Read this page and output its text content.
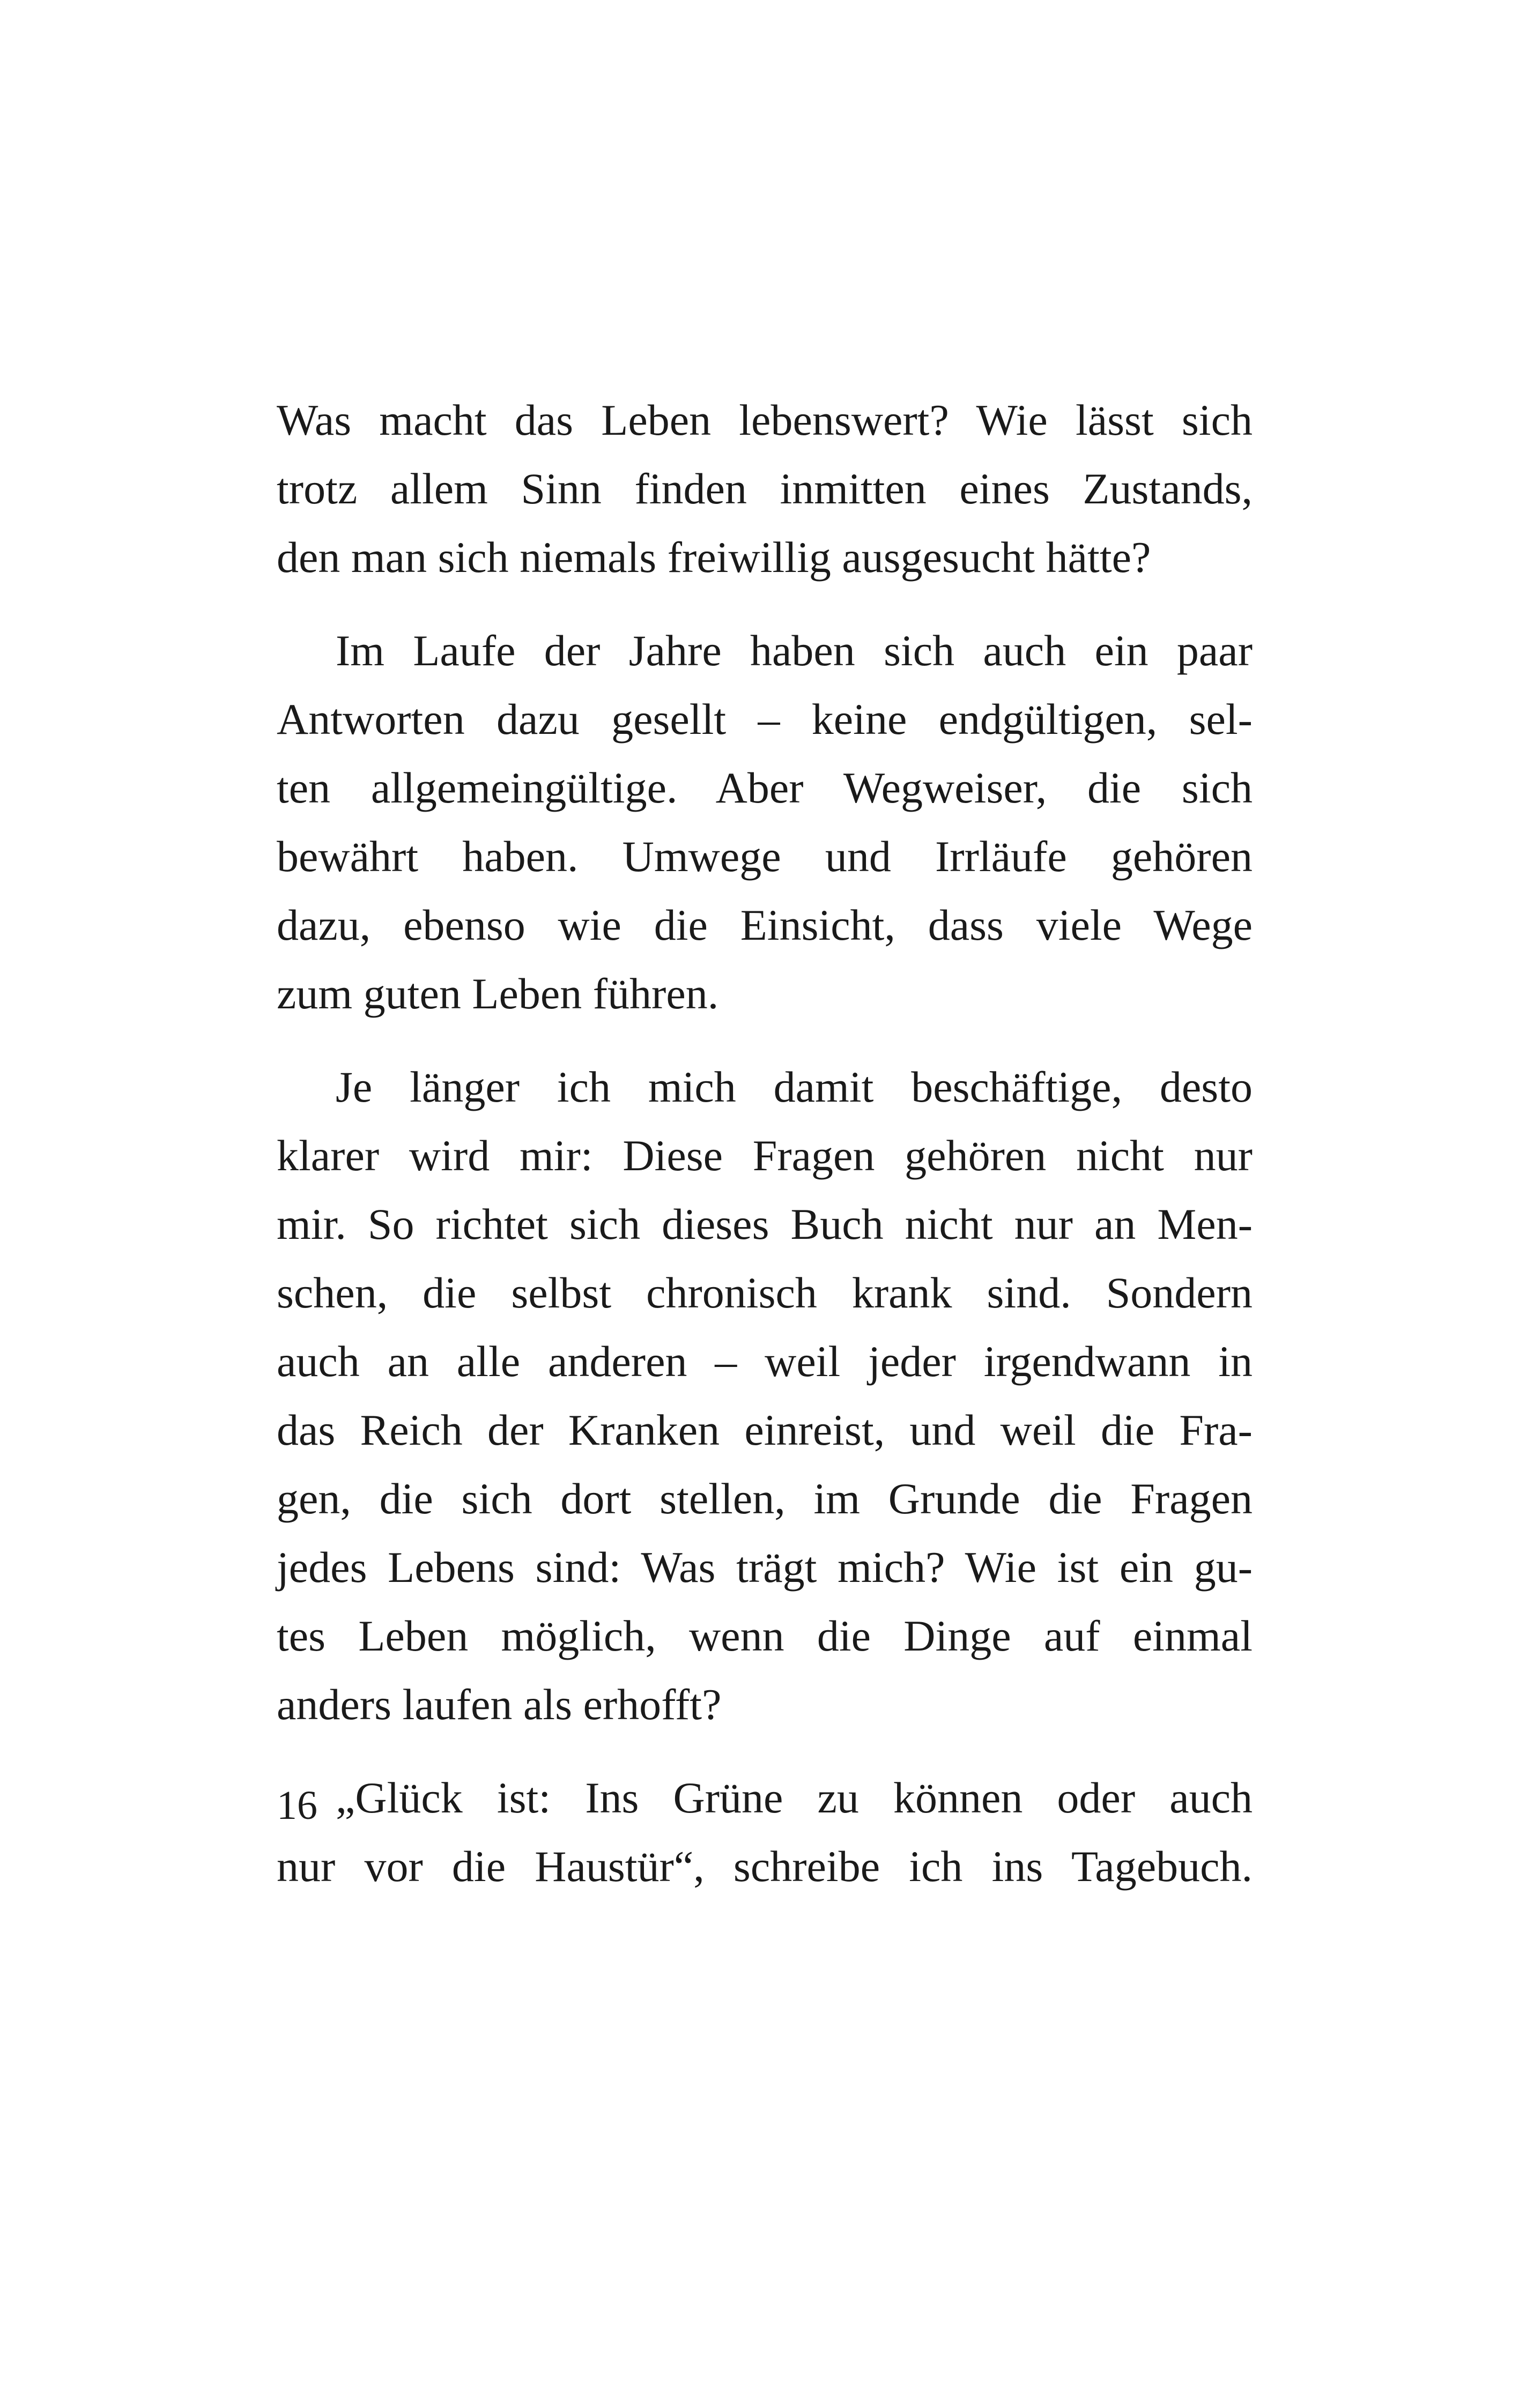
Was macht das Leben lebenswert? Wie lässt sich
trotz allem Sinn finden inmitten eines Zustands,
den man sich niemals freiwillig ausgesucht hätte?

Im Laufe der Jahre haben sich auch ein paar
Antworten dazu gesellt – keine endgültigen, sel-
ten allgemeingültige. Aber Wegweiser, die sich
bewährt haben. Umwege und Irrläufe gehören
dazu, ebenso wie die Einsicht, dass viele Wege
zum guten Leben führen.

Je länger ich mich damit beschäftige, desto
klarer wird mir: Diese Fragen gehören nicht nur
mir. So richtet sich dieses Buch nicht nur an Men-
schen, die selbst chronisch krank sind. Sondern
auch an alle anderen – weil jeder irgendwann in
das Reich der Kranken einreist, und weil die Fra-
gen, die sich dort stellen, im Grunde die Fragen
jedes Lebens sind: Was trägt mich? Wie ist ein gu-
tes Leben möglich, wenn die Dinge auf einmal
anders laufen als erhofft?

„Glück ist: Ins Grüne zu können oder auch
nur vor die Haustür“, schreibe ich ins Tagebuch.

16
